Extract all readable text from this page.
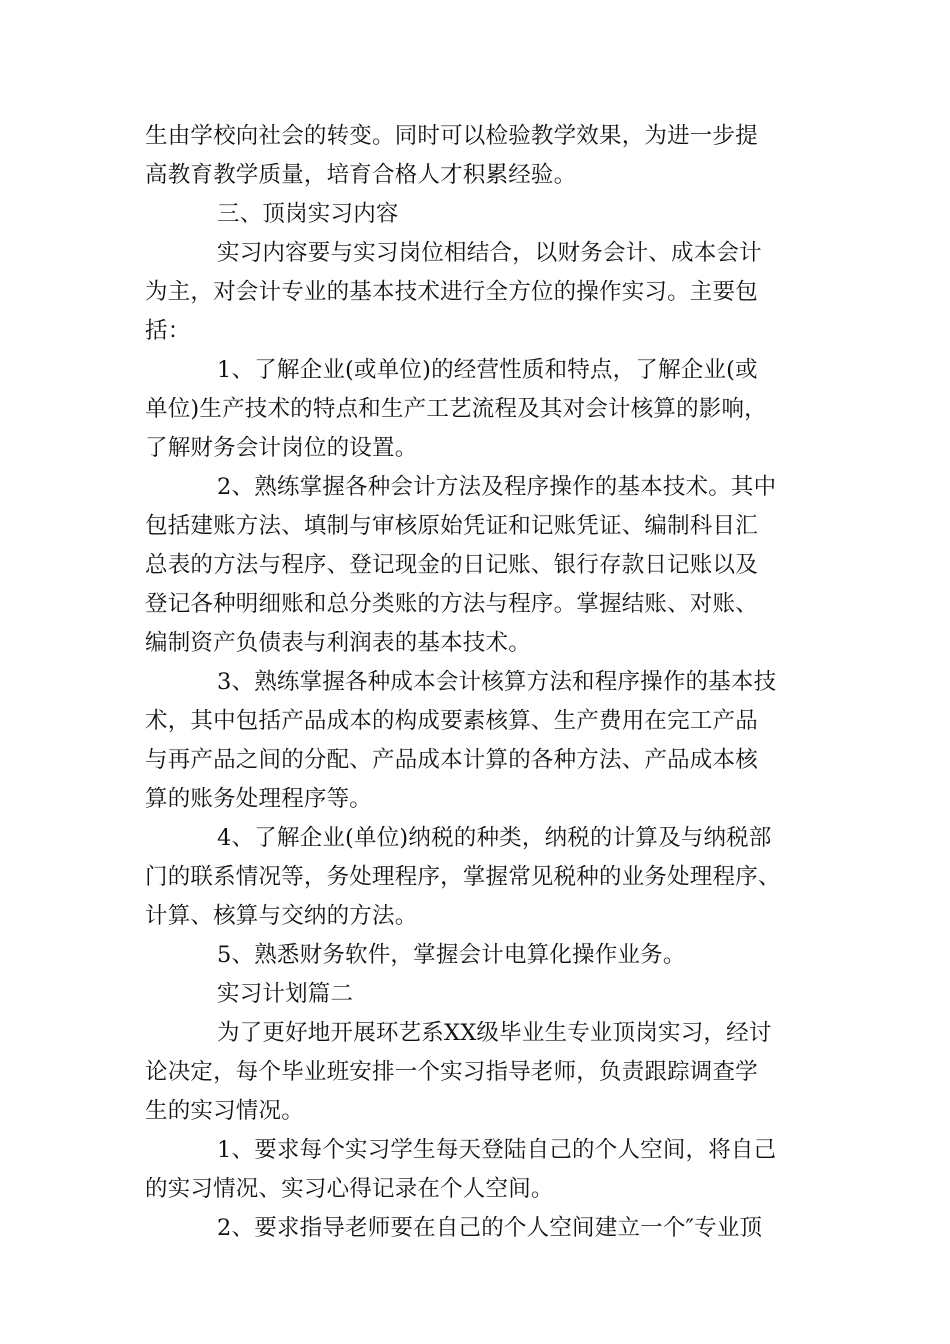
生由学校向社会的转变。同时可以检验教学效果，为进一步提
高教育教学质量，培育合格人才积累经验。
三、顶岗实习内容
实习内容要与实习岗位相结合，以财务会计、成本会计
为主，对会计专业的基本技术进行全方位的操作实习。主要包
括：
1、了解企业(或单位)的经营性质和特点，了解企业(或
单位)生产技术的特点和生产工艺流程及其对会计核算的影响，
了解财务会计岗位的设置。
2、熟练掌握各种会计方法及程序操作的基本技术。其中
包括建账方法、填制与审核原始凭证和记账凭证、编制科目汇
总表的方法与程序、登记现金的日记账、银行存款日记账以及
登记各种明细账和总分类账的方法与程序。掌握结账、对账、
编制资产负债表与利润表的基本技术。
3、熟练掌握各种成本会计核算方法和程序操作的基本技
术，其中包括产品成本的构成要素核算、生产费用在完工产品
与再产品之间的分配、产品成本计算的各种方法、产品成本核
算的账务处理程序等。
4、了解企业(单位)纳税的种类，纳税的计算及与纳税部
门的联系情况等，务处理程序，掌握常见税种的业务处理程序、
计算、核算与交纳的方法。
5、熟悉财务软件，掌握会计电算化操作业务。
实习计划篇二
为了更好地开展环艺系XX级毕业生专业顶岗实习，经讨
论决定，每个毕业班安排一个实习指导老师，负责跟踪调查学
生的实习情况。
1、要求每个实习学生每天登陆自己的个人空间，将自己
的实习情况、实习心得记录在个人空间。
2、要求指导老师要在自己的个人空间建立一个″专业顶
